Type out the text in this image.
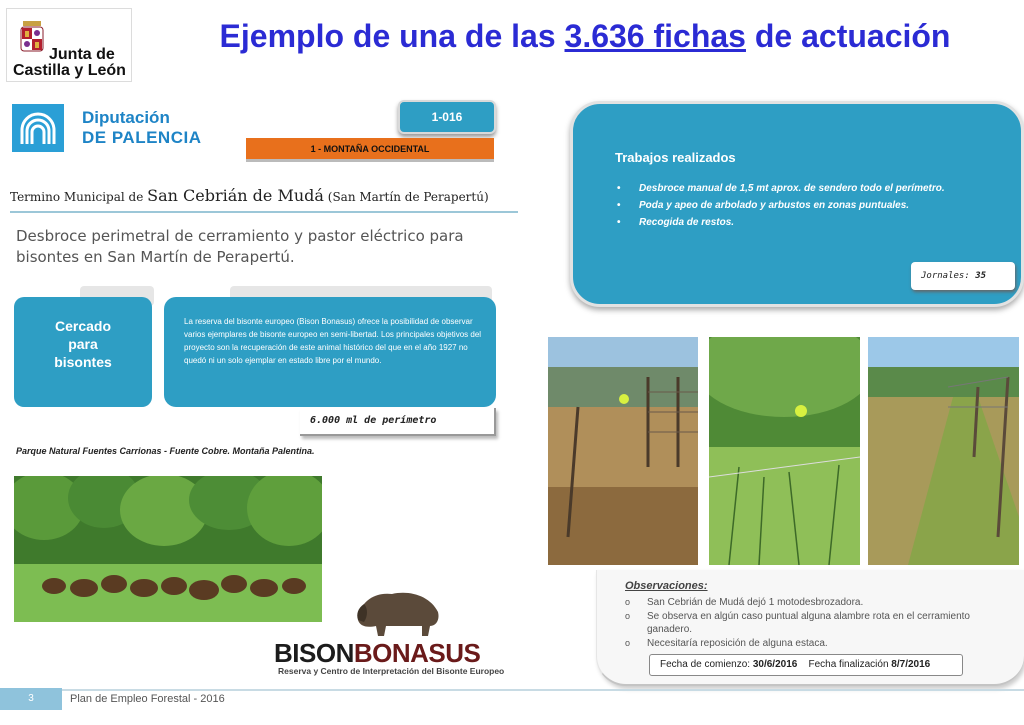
Junta de
Castilla y León
Ejemplo de una de las 3.636 fichas de actuación
Diputación
DE PALENCIA
1-016
1 - MONTAÑA OCCIDENTAL
Termino Municipal de San Cebrián de Mudá (San Martín de Perapertú)
Desbroce perimetral de cerramiento y pastor eléctrico para bisontes en San Martín de Perapertú.
Cercado
para
bisontes
La reserva del bisonte europeo (Bison Bonasus) ofrece la posibilidad de observar varios ejemplares de bisonte europeo en semi-libertad. Los principales objetivos del proyecto son la recuperación de este animal histórico del que en el año 1927 no quedó ni un solo ejemplar en estado libre por el mundo.
6.000 ml de perímetro
Parque Natural Fuentes Carrionas - Fuente Cobre. Montaña Palentina.
BISONBONASUS
Reserva y Centro de Interpretación del Bisonte Europeo
Trabajos realizados
• Desbroce manual de 1,5 mt aprox. de sendero todo el perímetro.
• Poda y apeo de arbolado y arbustos en zonas puntuales.
• Recogida de restos.
Jornales: 35
Observaciones:
o San Cebrián de Mudá dejó 1 motodesbrozadora.
o Se observa en algún caso puntual alguna alambre rota en el cerramiento ganadero.
o Necesitaría reposición de alguna estaca.
Fecha de comienzo: 30/6/2016 Fecha finalización 8/7/2016
3	Plan de Empleo Forestal - 2016
